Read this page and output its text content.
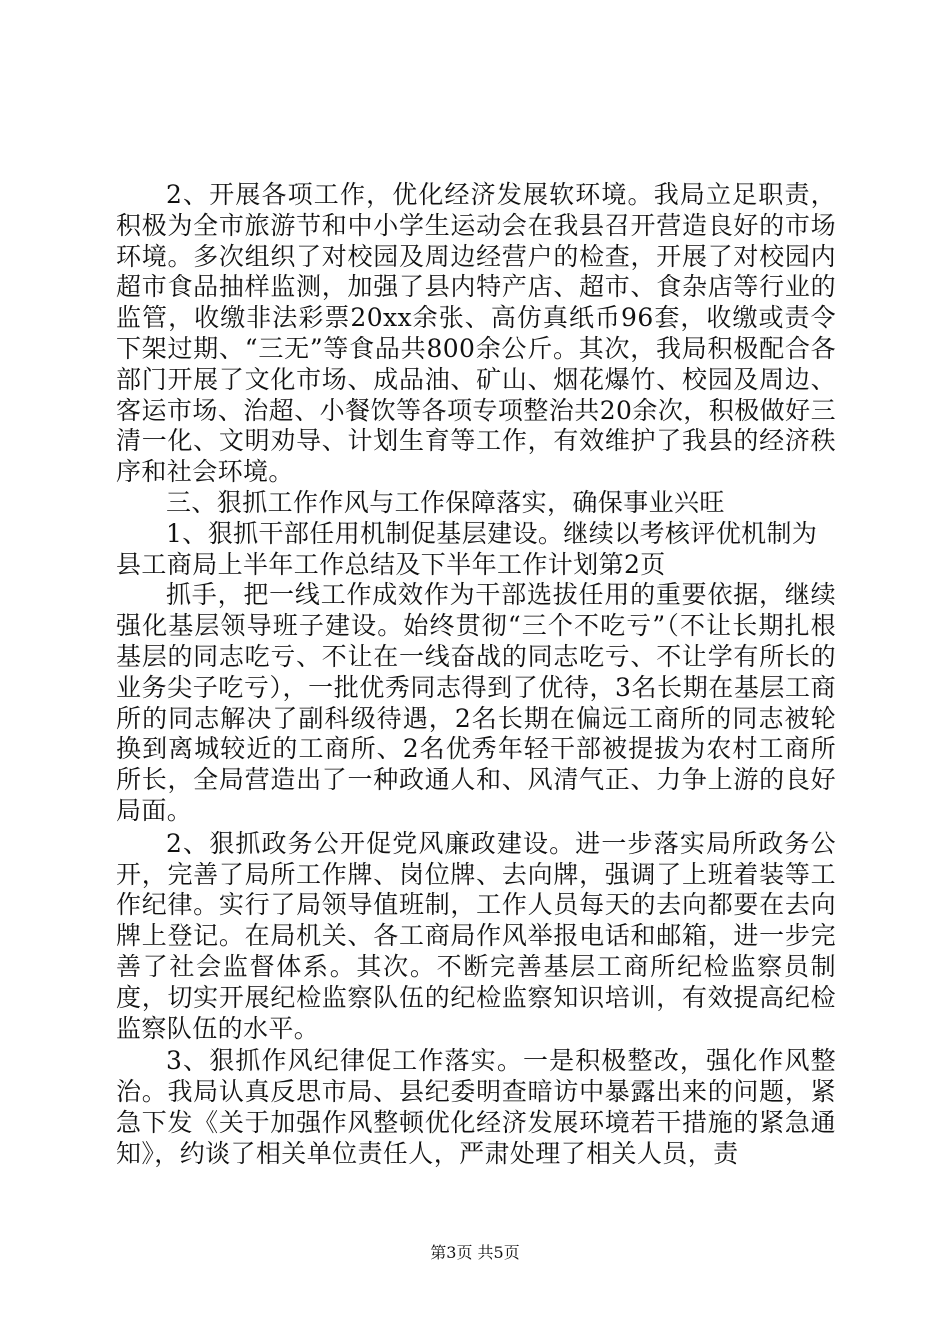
2、开展各项工作，优化经济发展软环境。我局立足职责，积极为全市旅游节和中小学生运动会在我县召开营造良好的市场环境。多次组织了对校园及周边经营户的检查，开展了对校园内超市食品抽样监测，加强了县内特产店、超市、食杂店等行业的监管，收缴非法彩票20xx余张、高仿真纸币96套，收缴或责令下架过期、“三无”等食品共800余公斤。其次，我局积极配合各部门开展了文化市场、成品油、矿山、烟花爆竹、校园及周边、客运市场、治超、小餐饮等各项专项整治共20余次，积极做好三清一化、文明劝导、计划生育等工作，有效维护了我县的经济秩序和社会环境。

三、狠抓工作作风与工作保障落实，确保事业兴旺

1、狠抓干部任用机制促基层建设。继续以考核评优机制为

县工商局上半年工作总结及下半年工作计划第2页

抓手，把一线工作成效作为干部选拔任用的重要依据，继续强化基层领导班子建设。始终贯彻“三个不吃亏”（不让长期扎根基层的同志吃亏、不让在一线奋战的同志吃亏、不让学有所长的业务尖子吃亏），一批优秀同志得到了优待，3名长期在基层工商所的同志解决了副科级待遇，2名长期在偏远工商所的同志被轮换到离城较近的工商所、2名优秀年轻干部被提拔为农村工商所所长，全局营造出了一种政通人和、风清气正、力争上游的良好局面。

2、狠抓政务公开促党风廉政建设。进一步落实局所政务公开，完善了局所工作牌、岗位牌、去向牌，强调了上班着装等工作纪律。实行了局领导值班制，工作人员每天的去向都要在去向牌上登记。在局机关、各工商局作风举报电话和邮箱，进一步完善了社会监督体系。其次。不断完善基层工商所纪检监察员制度，切实开展纪检监察队伍的纪检监察知识培训，有效提高纪检监察队伍的水平。

3、狠抓作风纪律促工作落实。一是积极整改，强化作风整治。我局认真反思市局、县纪委明查暗访中暴露出来的问题，紧急下发《关于加强作风整顿优化经济发展环境若干措施的紧急通知》，约谈了相关单位责任人，严肃处理了相关人员，责

第3页 共5页
